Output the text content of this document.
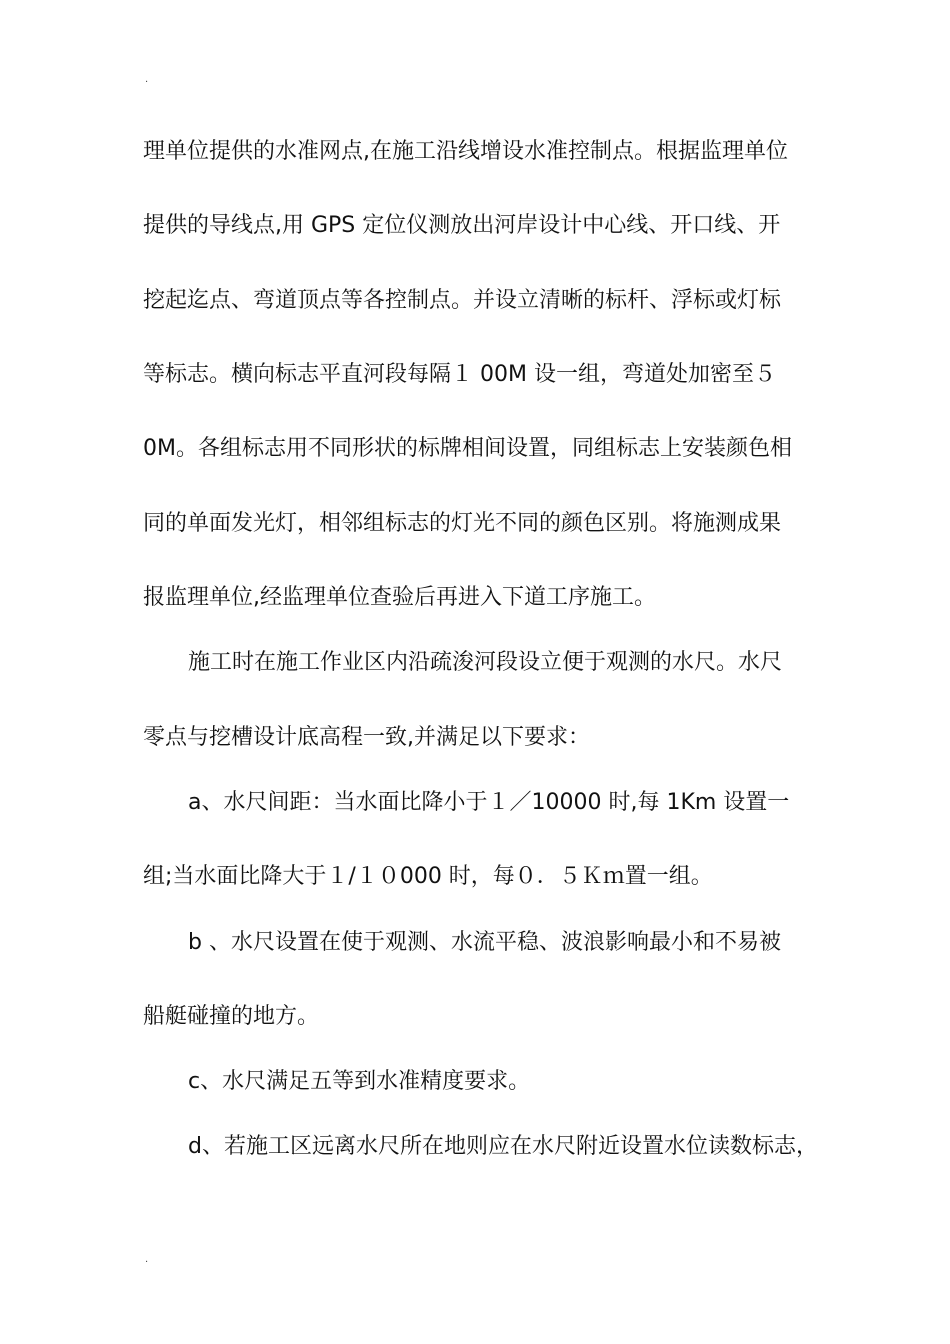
.
理单位提供的水准网点,在施工沿线增设水准控制点。根据监理单位
提供的导线点,用 GPS 定位仪测放出河岸设计中心线、开口线、开
挖起迄点、弯道顶点等各控制点。并设立清晰的标杆、浮标或灯标
等标志。横向标志平直河段每隔１ 00M 设一组，弯道处加密至５
0M。各组标志用不同形状的标牌相间设置，同组标志上安装颜色相
同的单面发光灯，相邻组标志的灯光不同的颜色区别。将施测成果
报监理单位,经监理单位查验后再进入下道工序施工。
施工时在施工作业区内沿疏浚河段设立便于观测的水尺。水尺
零点与挖槽设计底高程一致,并满足以下要求：
a、水尺间距：当水面比降小于１／10000 时,每 1Km 设置一
组;当水面比降大于１/１０000 时，每０．５Ｋｍ置一组。
b 、水尺设置在使于观测、水流平稳、波浪影响最小和不易被
船艇碰撞的地方。
c、水尺满足五等到水准精度要求。
d、若施工区远离水尺所在地则应在水尺附近设置水位读数标志，
.
